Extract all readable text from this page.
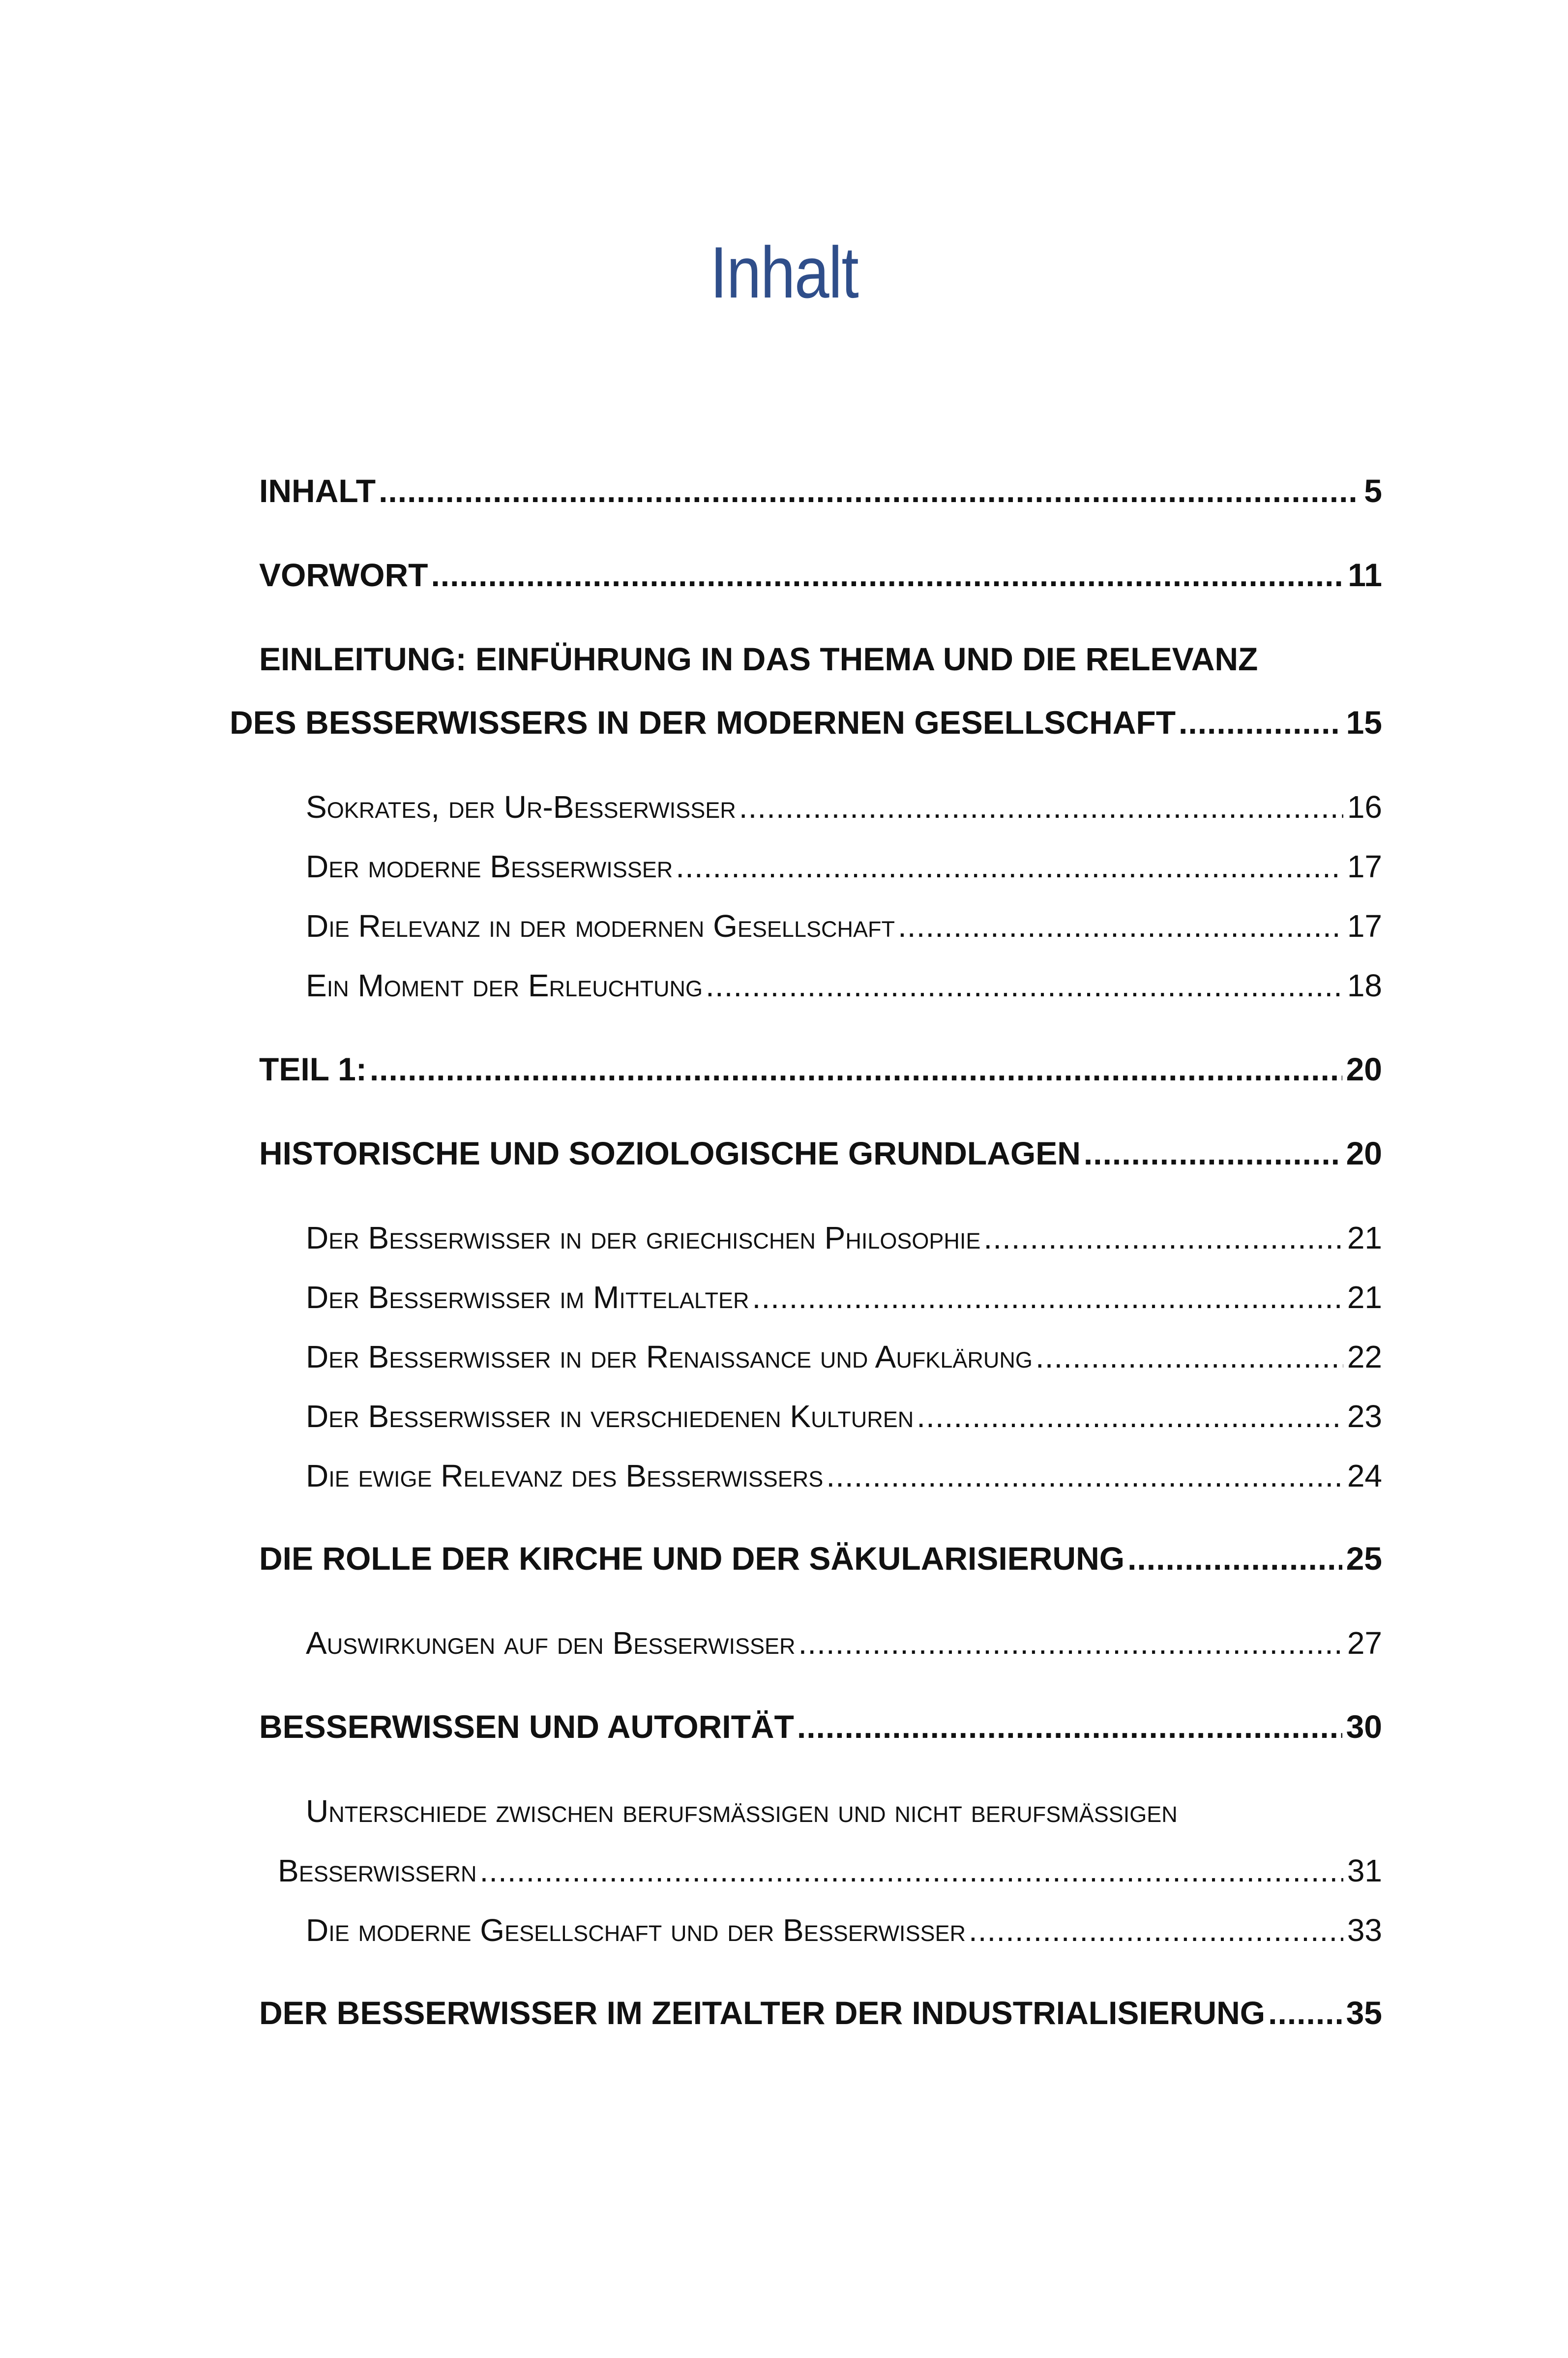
Inhalt
INHALT .....	5
VORWORT .....	11
EINLEITUNG: EINFÜHRUNG IN DAS THEMA UND DIE RELEVANZ
DES BESSERWISSERS IN DER MODERNEN GESELLSCHAFT .....	15
Sokrates, der Ur-Besserwisser .....	16
Der moderne Besserwisser .....	17
Die Relevanz in der modernen Gesellschaft .....	17
Ein Moment der Erleuchtung .....	18
TEIL 1: .....	20
HISTORISCHE UND SOZIOLOGISCHE GRUNDLAGEN .....	20
Der Besserwisser in der griechischen Philosophie .....	21
Der Besserwisser im Mittelalter .....	21
Der Besserwisser in der Renaissance und Aufklärung .....	22
Der Besserwisser in verschiedenen Kulturen .....	23
Die ewige Relevanz des Besserwissers .....	24
DIE ROLLE DER KIRCHE UND DER SÄKULARISIERUNG .....	25
Auswirkungen auf den Besserwisser .....	27
BESSERWISSEN UND AUTORITÄT .....	30
Unterschiede zwischen berufsmäßigen und nicht berufsmäßigen
Besserwissern .....	31
Die moderne Gesellschaft und der Besserwisser .....	33
DER BESSERWISSER IM ZEITALTER DER INDUSTRIALISIERUNG ..... 35
